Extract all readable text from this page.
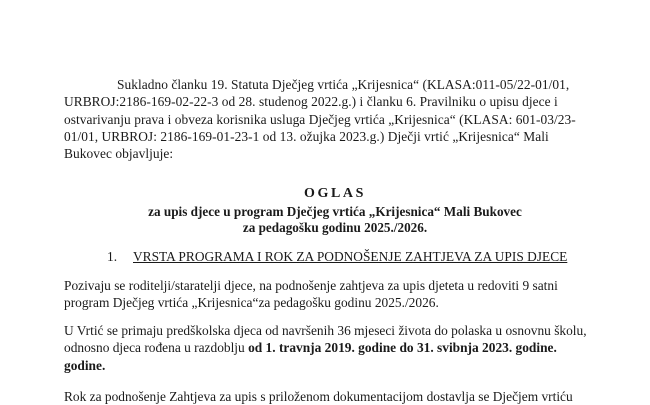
Sukladno članku 19. Statuta Dječjeg vrtića „Krijesnica“ (KLASA:011-05/22-01/01,
URBROJ:2186-169-02-22-3 od 28. studenog 2022.g.) i članku 6. Pravilniku o upisu djece i
ostvarivanju prava i obveza korisnika usluga Dječjeg vrtića „Krijesnica“ (KLASA: 601-03/23-
01/01, URBROJ: 2186-169-01-23-1 od 13. ožujka 2023.g.) Dječji vrtić „Krijesnica“ Mali
Bukovec objavljuje:
OGLAS
za upis djece u program Dječjeg vrtića „Krijesnica“ Mali Bukovec
za pedagošku godinu 2025./2026.
1. VRSTA PROGRAMA I ROK ZA PODNOŠENJE ZAHTJEVA ZA UPIS DJECE
Pozivaju se roditelji/staratelji djece, na podnošenje zahtjeva za upis djeteta u redoviti 9 satni
program Dječjeg vrtića „Krijesnica“za pedagošku godinu 2025./2026.
U Vrtić se primaju predškolska djeca od navršenih 36 mjeseci života do polaska u osnovnu školu,
odnosno djeca rođena u razdoblju od 1. travnja 2019. godine do 31. svibnja 2023. godine.
godine.
Rok za podnošenje Zahtjeva za upis s priloženom dokumentacijom dostavlja se Dječjem vrtiću
